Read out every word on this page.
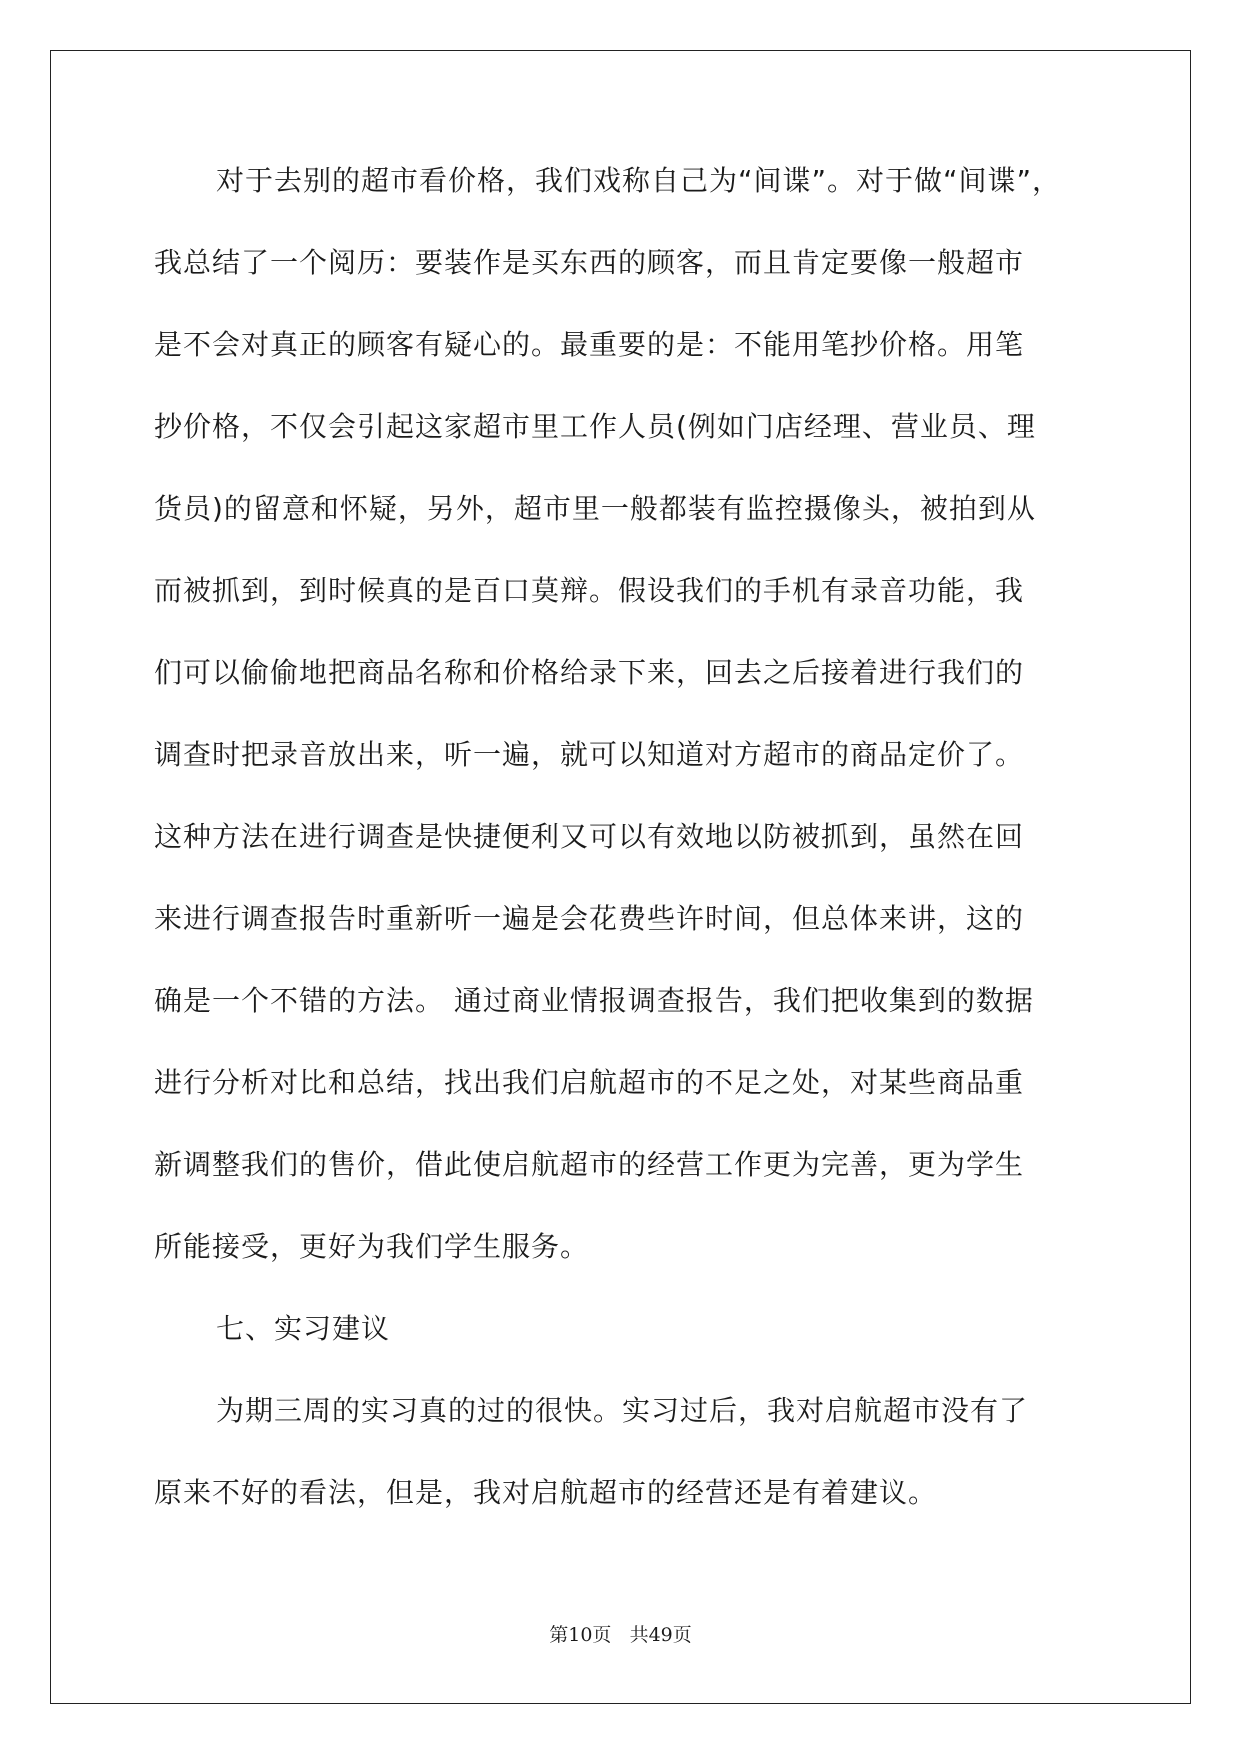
对于去别的超市看价格，我们戏称自己为“间谍”。对于做“间谍”，
我总结了一个阅历：要装作是买东西的顾客，而且肯定要像一般超市
是不会对真正的顾客有疑心的。最重要的是：不能用笔抄价格。用笔
抄价格，不仅会引起这家超市里工作人员(例如门店经理、营业员、理
货员)的留意和怀疑，另外，超市里一般都装有监控摄像头，被拍到从
而被抓到，到时候真的是百口莫辩。假设我们的手机有录音功能，我
们可以偷偷地把商品名称和价格给录下来，回去之后接着进行我们的
调查时把录音放出来，听一遍，就可以知道对方超市的商品定价了。
这种方法在进行调查是快捷便利又可以有效地以防被抓到，虽然在回
来进行调查报告时重新听一遍是会花费些许时间，但总体来讲，这的
确是一个不错的方法。 通过商业情报调查报告，我们把收集到的数据
进行分析对比和总结，找出我们启航超市的不足之处，对某些商品重
新调整我们的售价，借此使启航超市的经营工作更为完善，更为学生
所能接受，更好为我们学生服务。
七、实习建议
为期三周的实习真的过的很快。实习过后，我对启航超市没有了
原来不好的看法，但是，我对启航超市的经营还是有着建议。
第10页 共49页
